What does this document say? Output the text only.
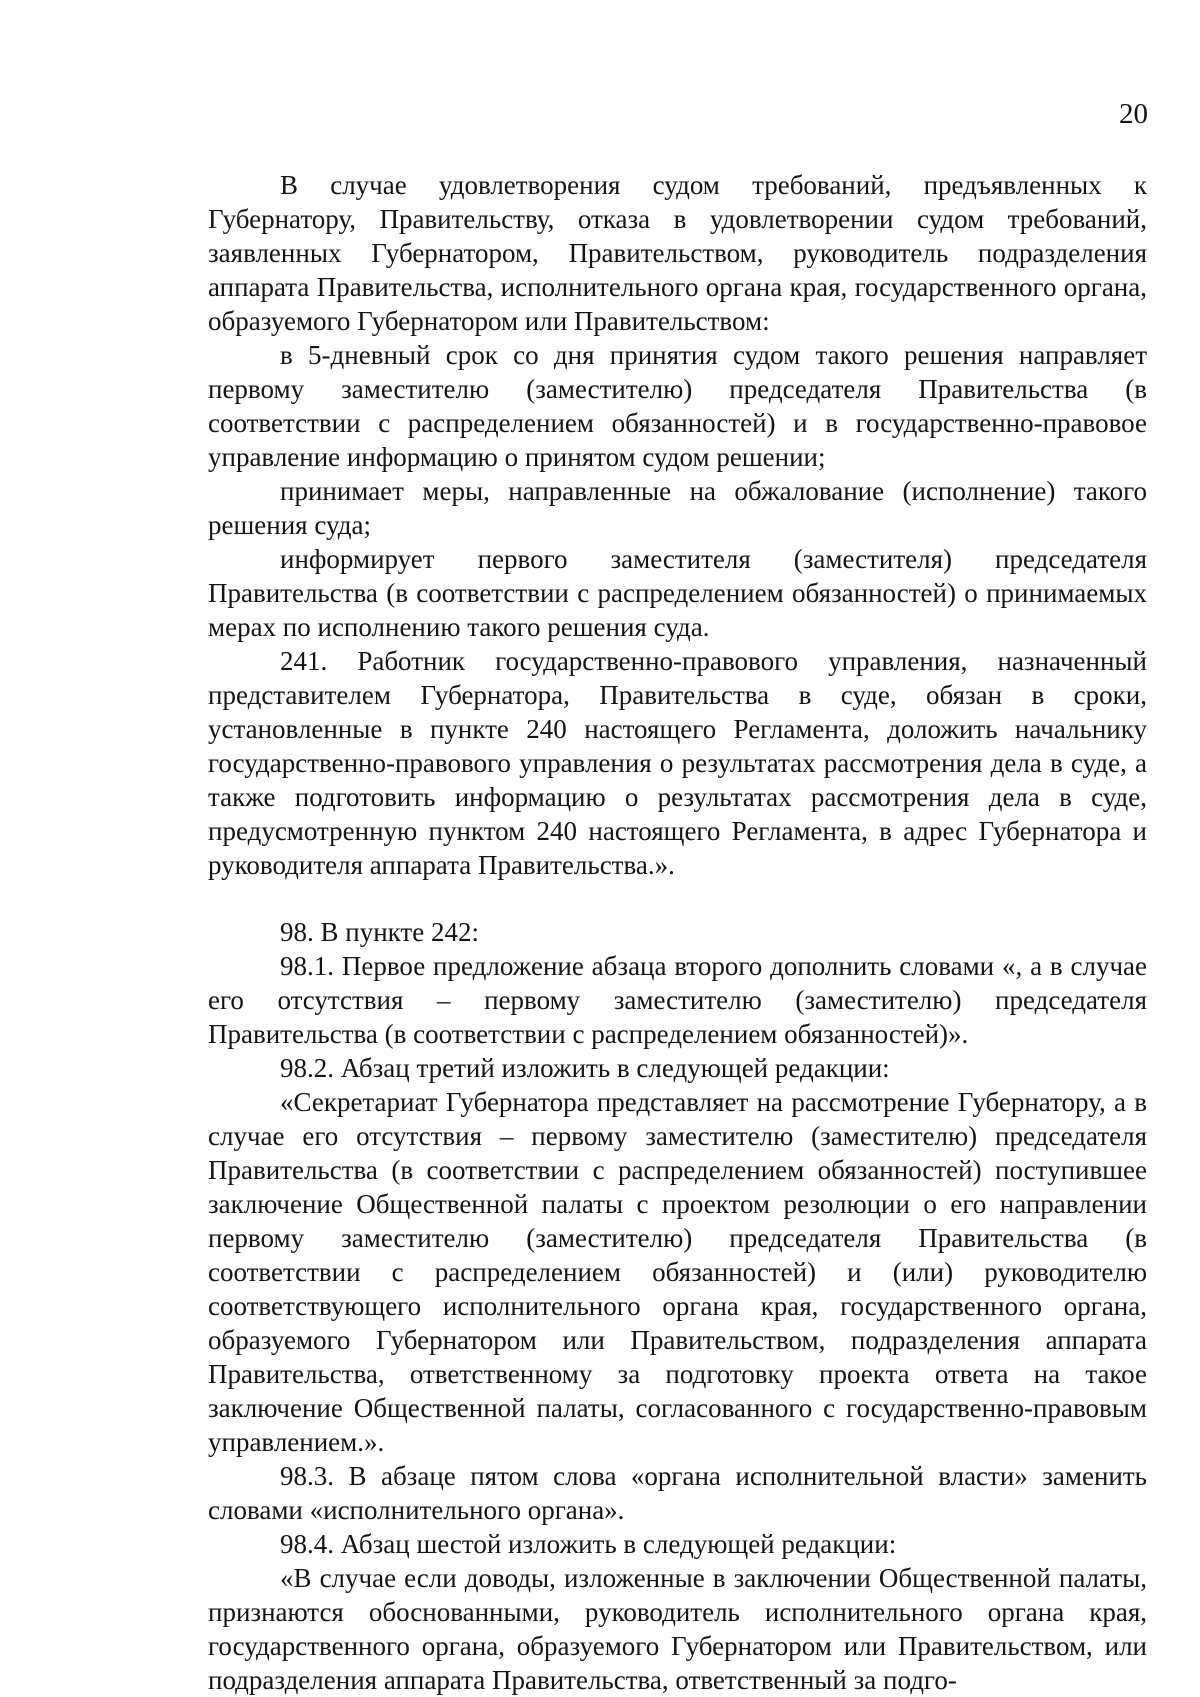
20

В случае удовлетворения судом требований, предъявленных к Губернатору, Правительству, отказа в удовлетворении судом требований, заявленных Губернатором, Правительством, руководитель подразделения аппарата Правительства, исполнительного органа края, государственного органа, образуемого Губернатором или Правительством:

в 5-дневный срок со дня принятия судом такого решения направляет первому заместителю (заместителю) председателя Правительства (в соответствии с распределением обязанностей) и в государственно-правовое управление информацию о принятом судом решении;

принимает меры, направленные на обжалование (исполнение) такого решения суда;

информирует первого заместителя (заместителя) председателя Правительства (в соответствии с распределением обязанностей) о принимаемых мерах по исполнению такого решения суда.

241. Работник государственно-правового управления, назначенный представителем Губернатора, Правительства в суде, обязан в сроки, установленные в пункте 240 настоящего Регламента, доложить начальнику государственно-правового управления о результатах рассмотрения дела в суде, а также подготовить информацию о результатах рассмотрения дела в суде, предусмотренную пунктом 240 настоящего Регламента, в адрес Губернатора и руководителя аппарата Правительства.».

98. В пункте 242:

98.1. Первое предложение абзаца второго дополнить словами «, а в случае его отсутствия – первому заместителю (заместителю) председателя Правительства (в соответствии с распределением обязанностей)».

98.2. Абзац третий изложить в следующей редакции:

«Секретариат Губернатора представляет на рассмотрение Губернатору, а в случае его отсутствия – первому заместителю (заместителю) председателя Правительства (в соответствии с распределением обязанностей) поступившее заключение Общественной палаты с проектом резолюции о его направлении первому заместителю (заместителю) председателя Правительства (в соответствии с распределением обязанностей) и (или) руководителю соответствующего исполнительного органа края, государственного органа, образуемого Губернатором или Правительством, подразделения аппарата Правительства, ответственному за подготовку проекта ответа на такое заключение Общественной палаты, согласованного с государственно-правовым управлением.».

98.3. В абзаце пятом слова «органа исполнительной власти» заменить словами «исполнительного органа».

98.4. Абзац шестой изложить в следующей редакции:

«В случае если доводы, изложенные в заключении Общественной палаты, признаются обоснованными, руководитель исполнительного органа края, государственного органа, образуемого Губернатором или Правительством, или подразделения аппарата Правительства, ответственный за подго-
